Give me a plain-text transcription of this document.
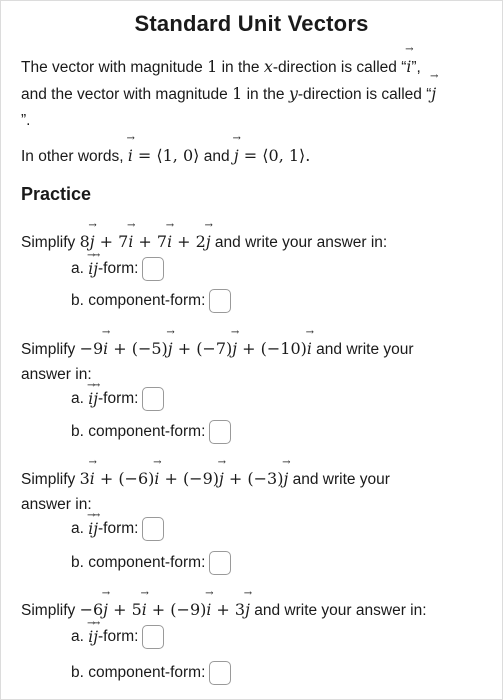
Standard Unit Vectors
The vector with magnitude 1 in the x-direction is called “→ i”,
and the vector with magnitude 1 in the y-direction is called “→ j
”.
In other words, → i = ⟨1, 0⟩ and → j = ⟨0, 1⟩.
Practice
Simplify 8→ j + 7→ i + 7→ i + 2→ j and write your answer in:
a. → i → j -form:
b. component-form:
Simplify −9→ i + (−5)→ j + (−7)→ j + (−10)→ i and write your
answer in:
a. → i → j -form:
b. component-form:
Simplify 3→ i + (−6)→ i + (−9)→ j + (−3)→ j and write your
answer in:
a. → i → j -form:
b. component-form:
Simplify −6→ j + 5→ i + (−9)→ i + 3→ j and write your answer in:
a. → i → j -form:
b. component-form:
